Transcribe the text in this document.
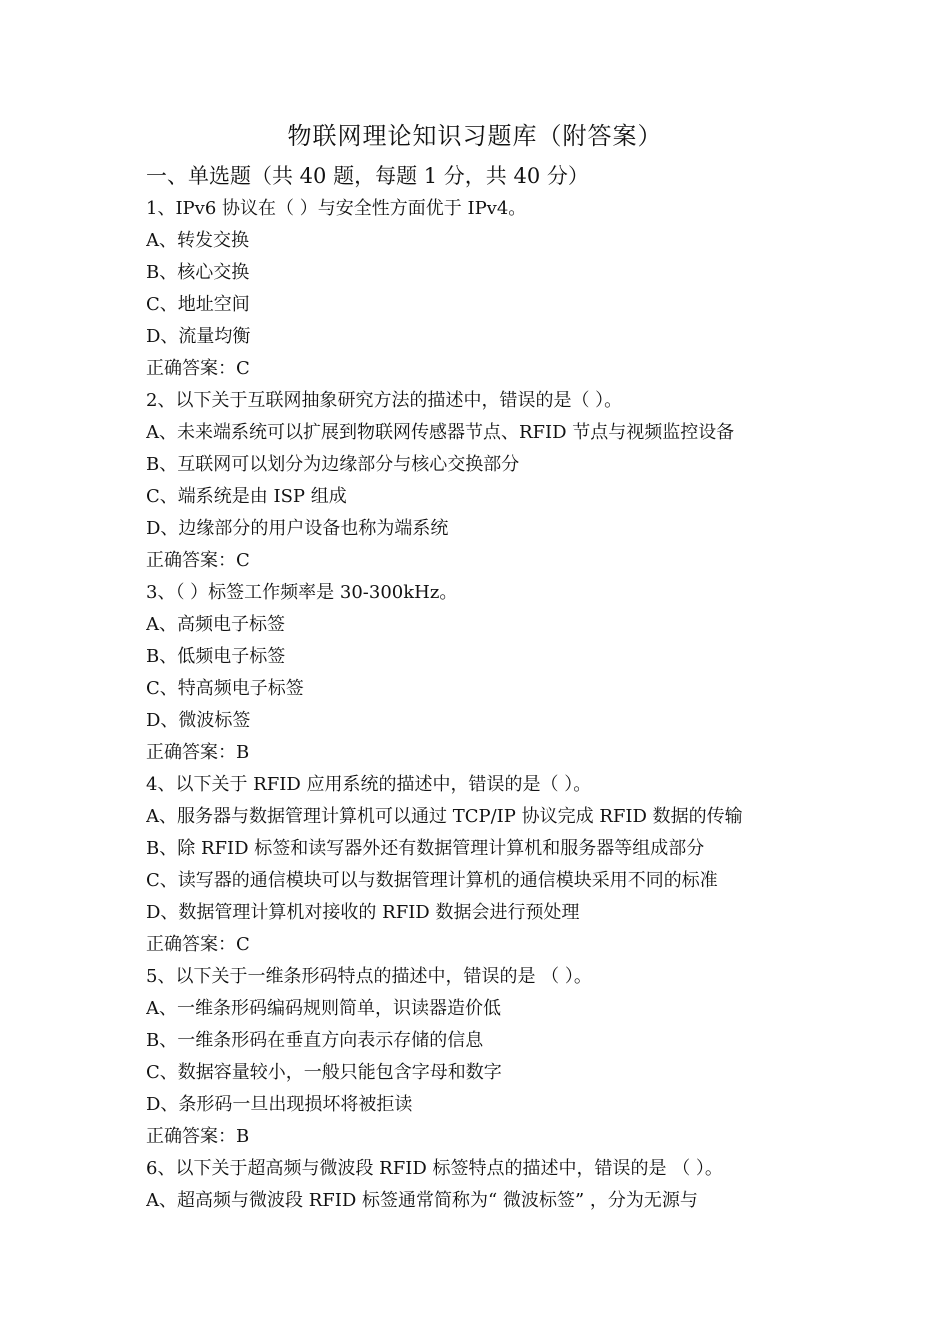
物联网理论知识习题库（附答案）
一、单选题（共 40 题，每题 1 分，共 40 分）
1、IPv6 协议在（ ）与安全性方面优于 IPv4。
A、转发交换
B、核心交换
C、地址空间
D、流量均衡
正确答案：C
2、以下关于互联网抽象研究方法的描述中，错误的是（ ）。
A、未来端系统可以扩展到物联网传感器节点、RFID 节点与视频监控设备
B、互联网可以划分为边缘部分与核心交换部分
C、端系统是由 ISP 组成
D、边缘部分的用户设备也称为端系统
正确答案：C
3、（ ）标签工作频率是 30-300kHz。
A、高频电子标签
B、低频电子标签
C、特高频电子标签
D、微波标签
正确答案：B
4、以下关于 RFID 应用系统的描述中，错误的是（ ）。
A、服务器与数据管理计算机可以通过 TCP/IP 协议完成 RFID 数据的传输
B、除 RFID 标签和读写器外还有数据管理计算机和服务器等组成部分
C、读写器的通信模块可以与数据管理计算机的通信模块采用不同的标准
D、数据管理计算机对接收的 RFID 数据会进行预处理
正确答案：C
5、以下关于一维条形码特点的描述中，错误的是 （ ）。
A、一维条形码编码规则简单，识读器造价低
B、一维条形码在垂直方向表示存储的信息
C、数据容量较小，一般只能包含字母和数字
D、条形码一旦出现损坏将被拒读
正确答案：B
6、以下关于超高频与微波段 RFID 标签特点的描述中，错误的是 （ ）。
A、超高频与微波段 RFID 标签通常简称为“ 微波标签” ，分为无源与
